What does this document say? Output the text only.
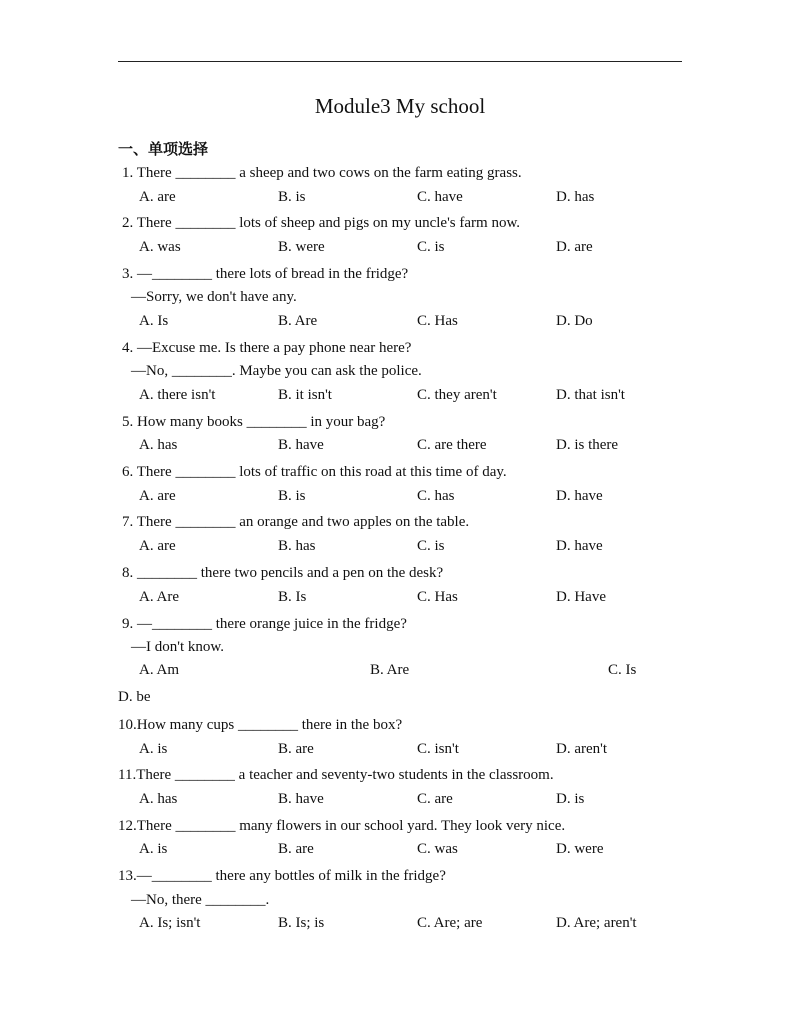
Module3 My school
一、单项选择
1. There ________ a sheep and two cows on the farm eating grass.
A. are	B. is	C. have	D. has
2. There ________ lots of sheep and pigs on my uncle's farm now.
A. was	B. were	C. is	D. are
3. —________ there lots of bread in the fridge?
—Sorry, we don't have any.
A. Is	B. Are	C. Has	D. Do
4. —Excuse me. Is there a pay phone near here?
—No, ________. Maybe you can ask the police.
A. there isn't	B. it isn't	C. they aren't	D. that isn't
5. How many books ________ in your bag?
A. has	B. have	C. are there	D. is there
6. There ________ lots of traffic on this road at this time of day.
A. are	B. is	C. has	D. have
7. There ________ an orange and two apples on the table.
A. are	B. has	C. is	D. have
8. ________ there two pencils and a pen on the desk?
A. Are	B. Is	C. Has	D. Have
9. —________ there orange juice in the fridge?
—I don't know.
A. Am	B. Are	C. Is
D. be
10.How many cups ________ there in the box?
A. is	B. are	C. isn't	D. aren't
11.There ________ a teacher and seventy-two students in the classroom.
A. has	B. have	C. are	D. is
12.There ________ many flowers in our school yard. They look very nice.
A. is	B. are	C. was	D. were
13.—________ there any bottles of milk in the fridge?
—No, there ________.
A. Is; isn't	B. Is; is	C. Are; are	D. Are; aren't
